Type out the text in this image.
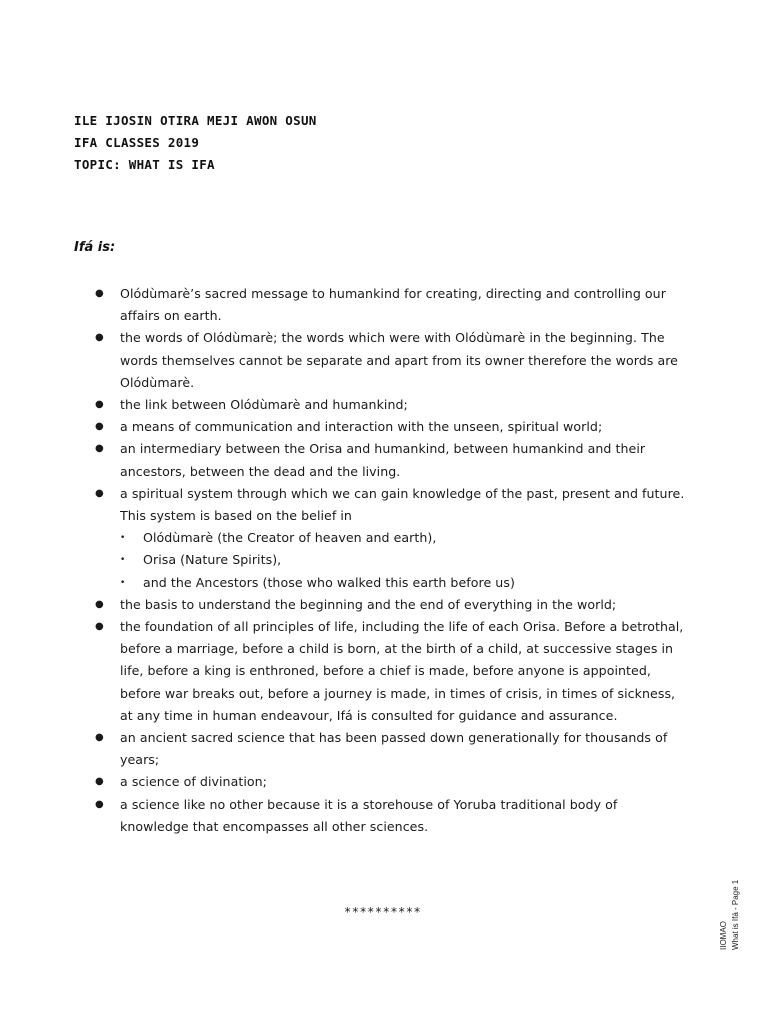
ILE IJOSIN OTIRA MEJI AWON OSUN
IFA CLASSES 2019
TOPIC: WHAT IS IFA
Ifá is:
● Olódùmarè’s sacred message to humankind for creating, directing and controlling our affairs on earth.
● the words of Olódùmarè; the words which were with Olódùmarè in the beginning. The words themselves cannot be separate and apart from its owner therefore the words are Olódùmarè.
● the link between Olódùmarè and humankind;
● a means of communication and interaction with the unseen, spiritual world;
● an intermediary between the Orisa and humankind, between humankind and their ancestors, between the dead and the living.
● a spiritual system through which we can gain knowledge of the past, present and future. This system is based on the belief in
• Olódùmarè (the Creator of heaven and earth),
• Orisa (Nature Spirits),
• and the Ancestors (those who walked this earth before us)
● the basis to understand the beginning and the end of everything in the world;
● the foundation of all principles of life, including the life of each Orisa. Before a betrothal, before a marriage, before a child is born, at the birth of a child, at successive stages in life, before a king is enthroned, before a chief is made, before anyone is appointed, before war breaks out, before a journey is made, in times of crisis, in times of sickness, at any time in human endeavour, Ifá is consulted for guidance and assurance.
● an ancient sacred science that has been passed down generationally for thousands of years;
● a science of divination;
● a science like no other because it is a storehouse of Yoruba traditional body of knowledge that encompasses all other sciences.
**********
IIOMAO What is Ifá - Page 1
